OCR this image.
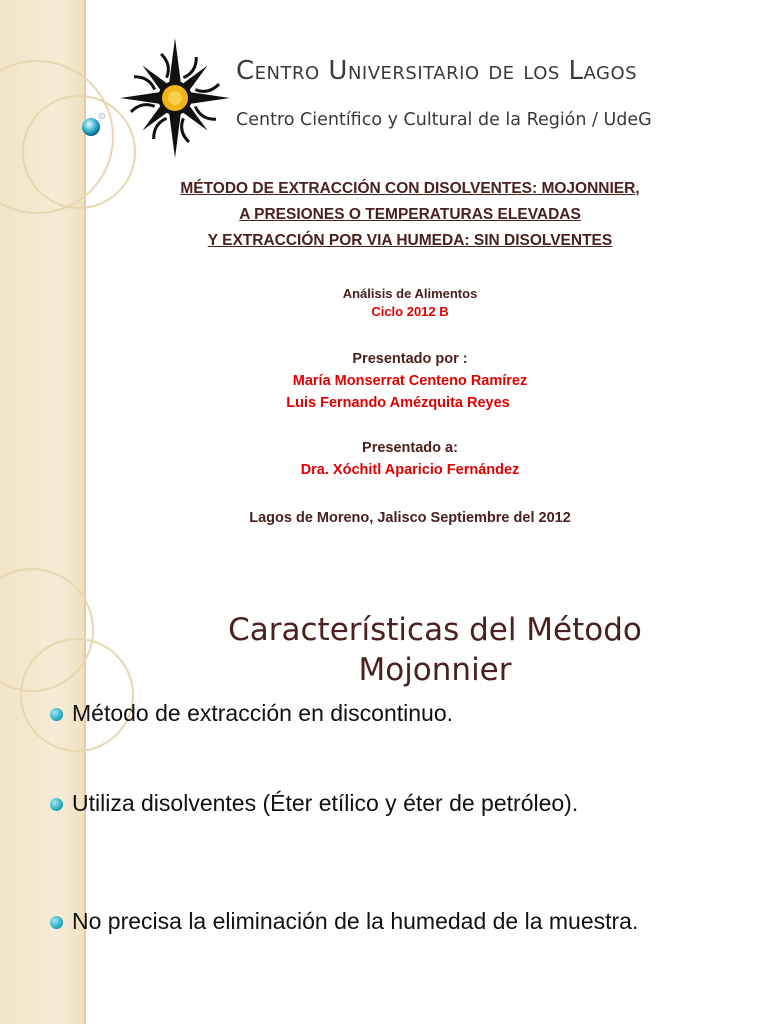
Centro Universitario de los Lagos
Centro Científico y Cultural de la Región / UdeG
MÉTODO DE EXTRACCIÓN CON DISOLVENTES: MOJONNIER,
A PRESIONES O TEMPERATURAS ELEVADAS
Y EXTRACCIÓN POR VIA HUMEDA: SIN DISOLVENTES
Análisis de Alimentos
Ciclo 2012 B
Presentado por :
María Monserrat Centeno Ramírez
Luis Fernando Amézquita Reyes
Presentado a:
Dra. Xóchitl Aparicio Fernández
Lagos de Moreno, Jalisco Septiembre del 2012
Método de extracción en discontinuo.
Utiliza disolventes (Éter etílico y éter de petróleo).
No precisa la eliminación de la humedad de la muestra.
Características del Método
Mojonnier
